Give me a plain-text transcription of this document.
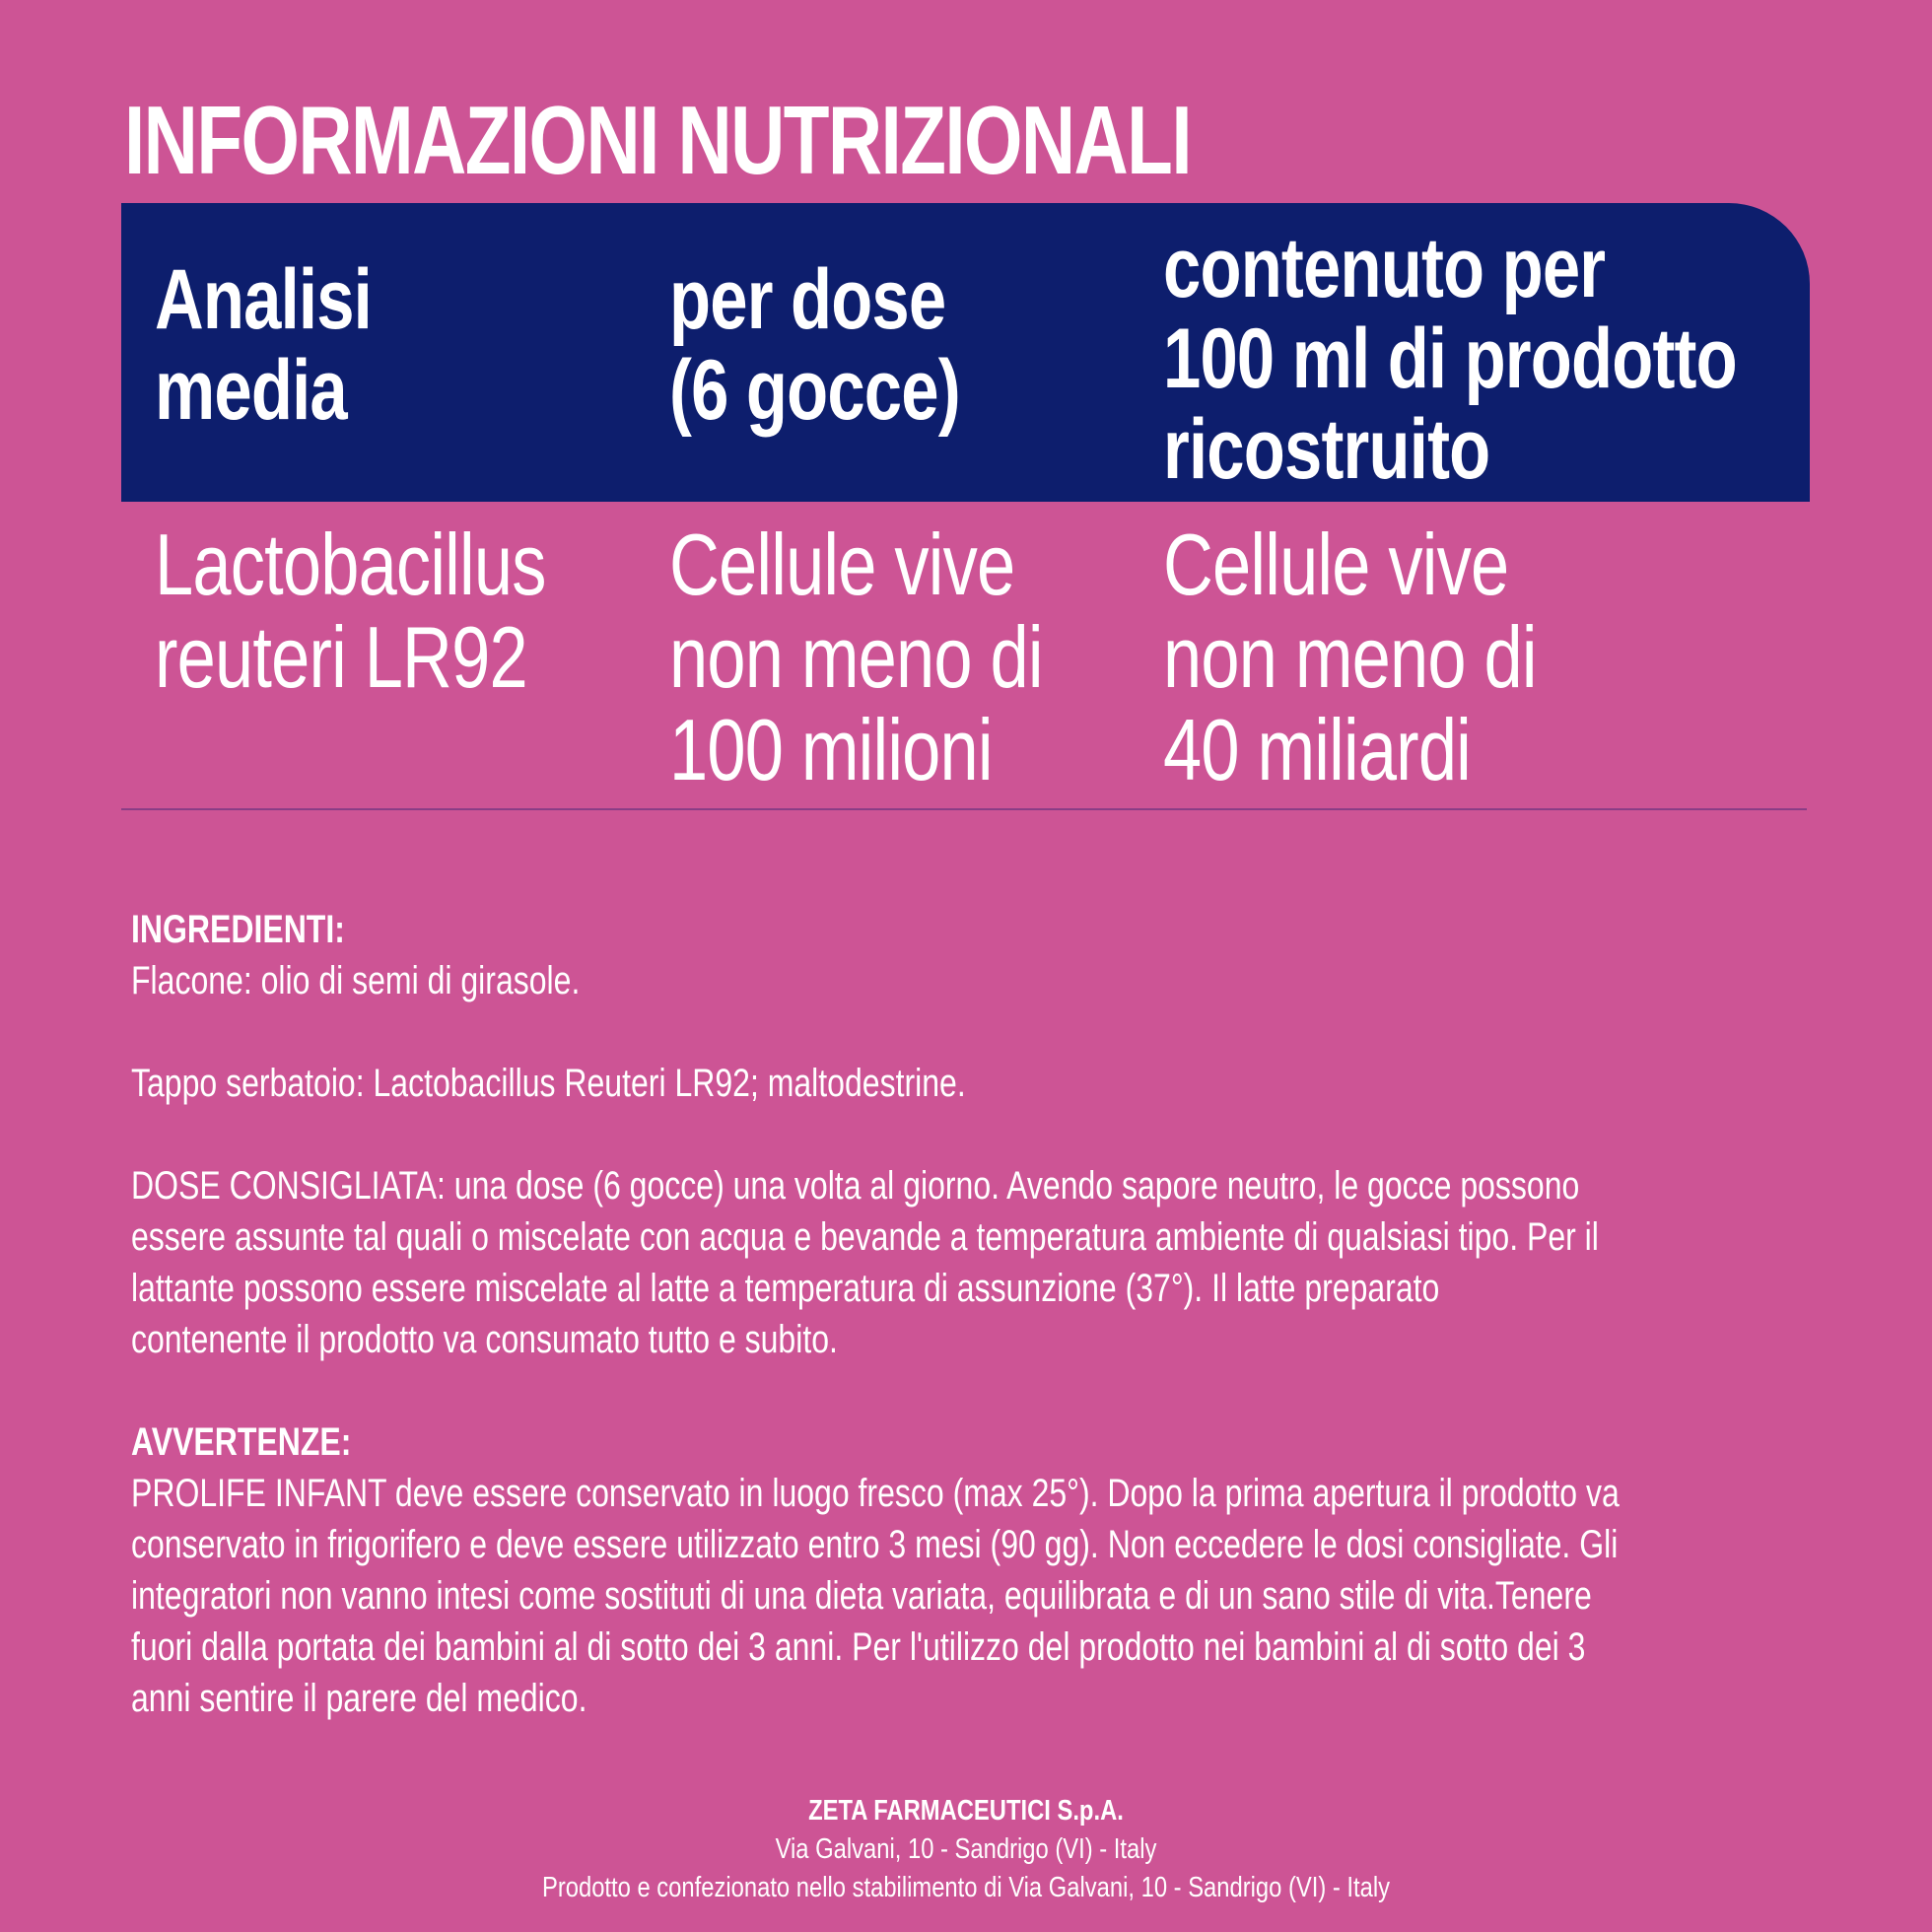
INFORMAZIONI NUTRIZIONALI
Analisi
media
per dose
(6 gocce)
contenuto per
100 ml di prodotto
ricostruito
Lactobacillus
reuteri LR92
Cellule vive
non meno di
100 milioni
Cellule vive
non meno di
40 miliardi

INGREDIENTI:

Flacone: olio di semi di girasole.

Tappo serbatoio: Lactobacillus Reuteri LR92; maltodestrine.

DOSE CONSIGLIATA: una dose (6 gocce) una volta al giorno. Avendo sapore neutro, le gocce possono

essere assunte tal quali o miscelate con acqua e bevande a temperatura ambiente di qualsiasi tipo. Per il

lattante possono essere miscelate al latte a temperatura di assunzione (37°). Il latte preparato

contenente il prodotto va consumato tutto e subito.

AVVERTENZE:

PROLIFE INFANT deve essere conservato in luogo fresco (max 25°). Dopo la prima apertura il prodotto va

conservato in frigorifero e deve essere utilizzato entro 3 mesi (90 gg). Non eccedere le dosi consigliate. Gli

integratori non vanno intesi come sostituti di una dieta variata, equilibrata e di un sano stile di vita.Tenere

fuori dalla portata dei bambini al di sotto dei 3 anni. Per l'utilizzo del prodotto nei bambini al di sotto dei 3

anni sentire il parere del medico.

ZETA FARMACEUTICI S.p.A.
Via Galvani, 10 - Sandrigo (VI) - Italy
Prodotto e confezionato nello stabilimento di Via Galvani, 10 - Sandrigo (VI) - Italy
